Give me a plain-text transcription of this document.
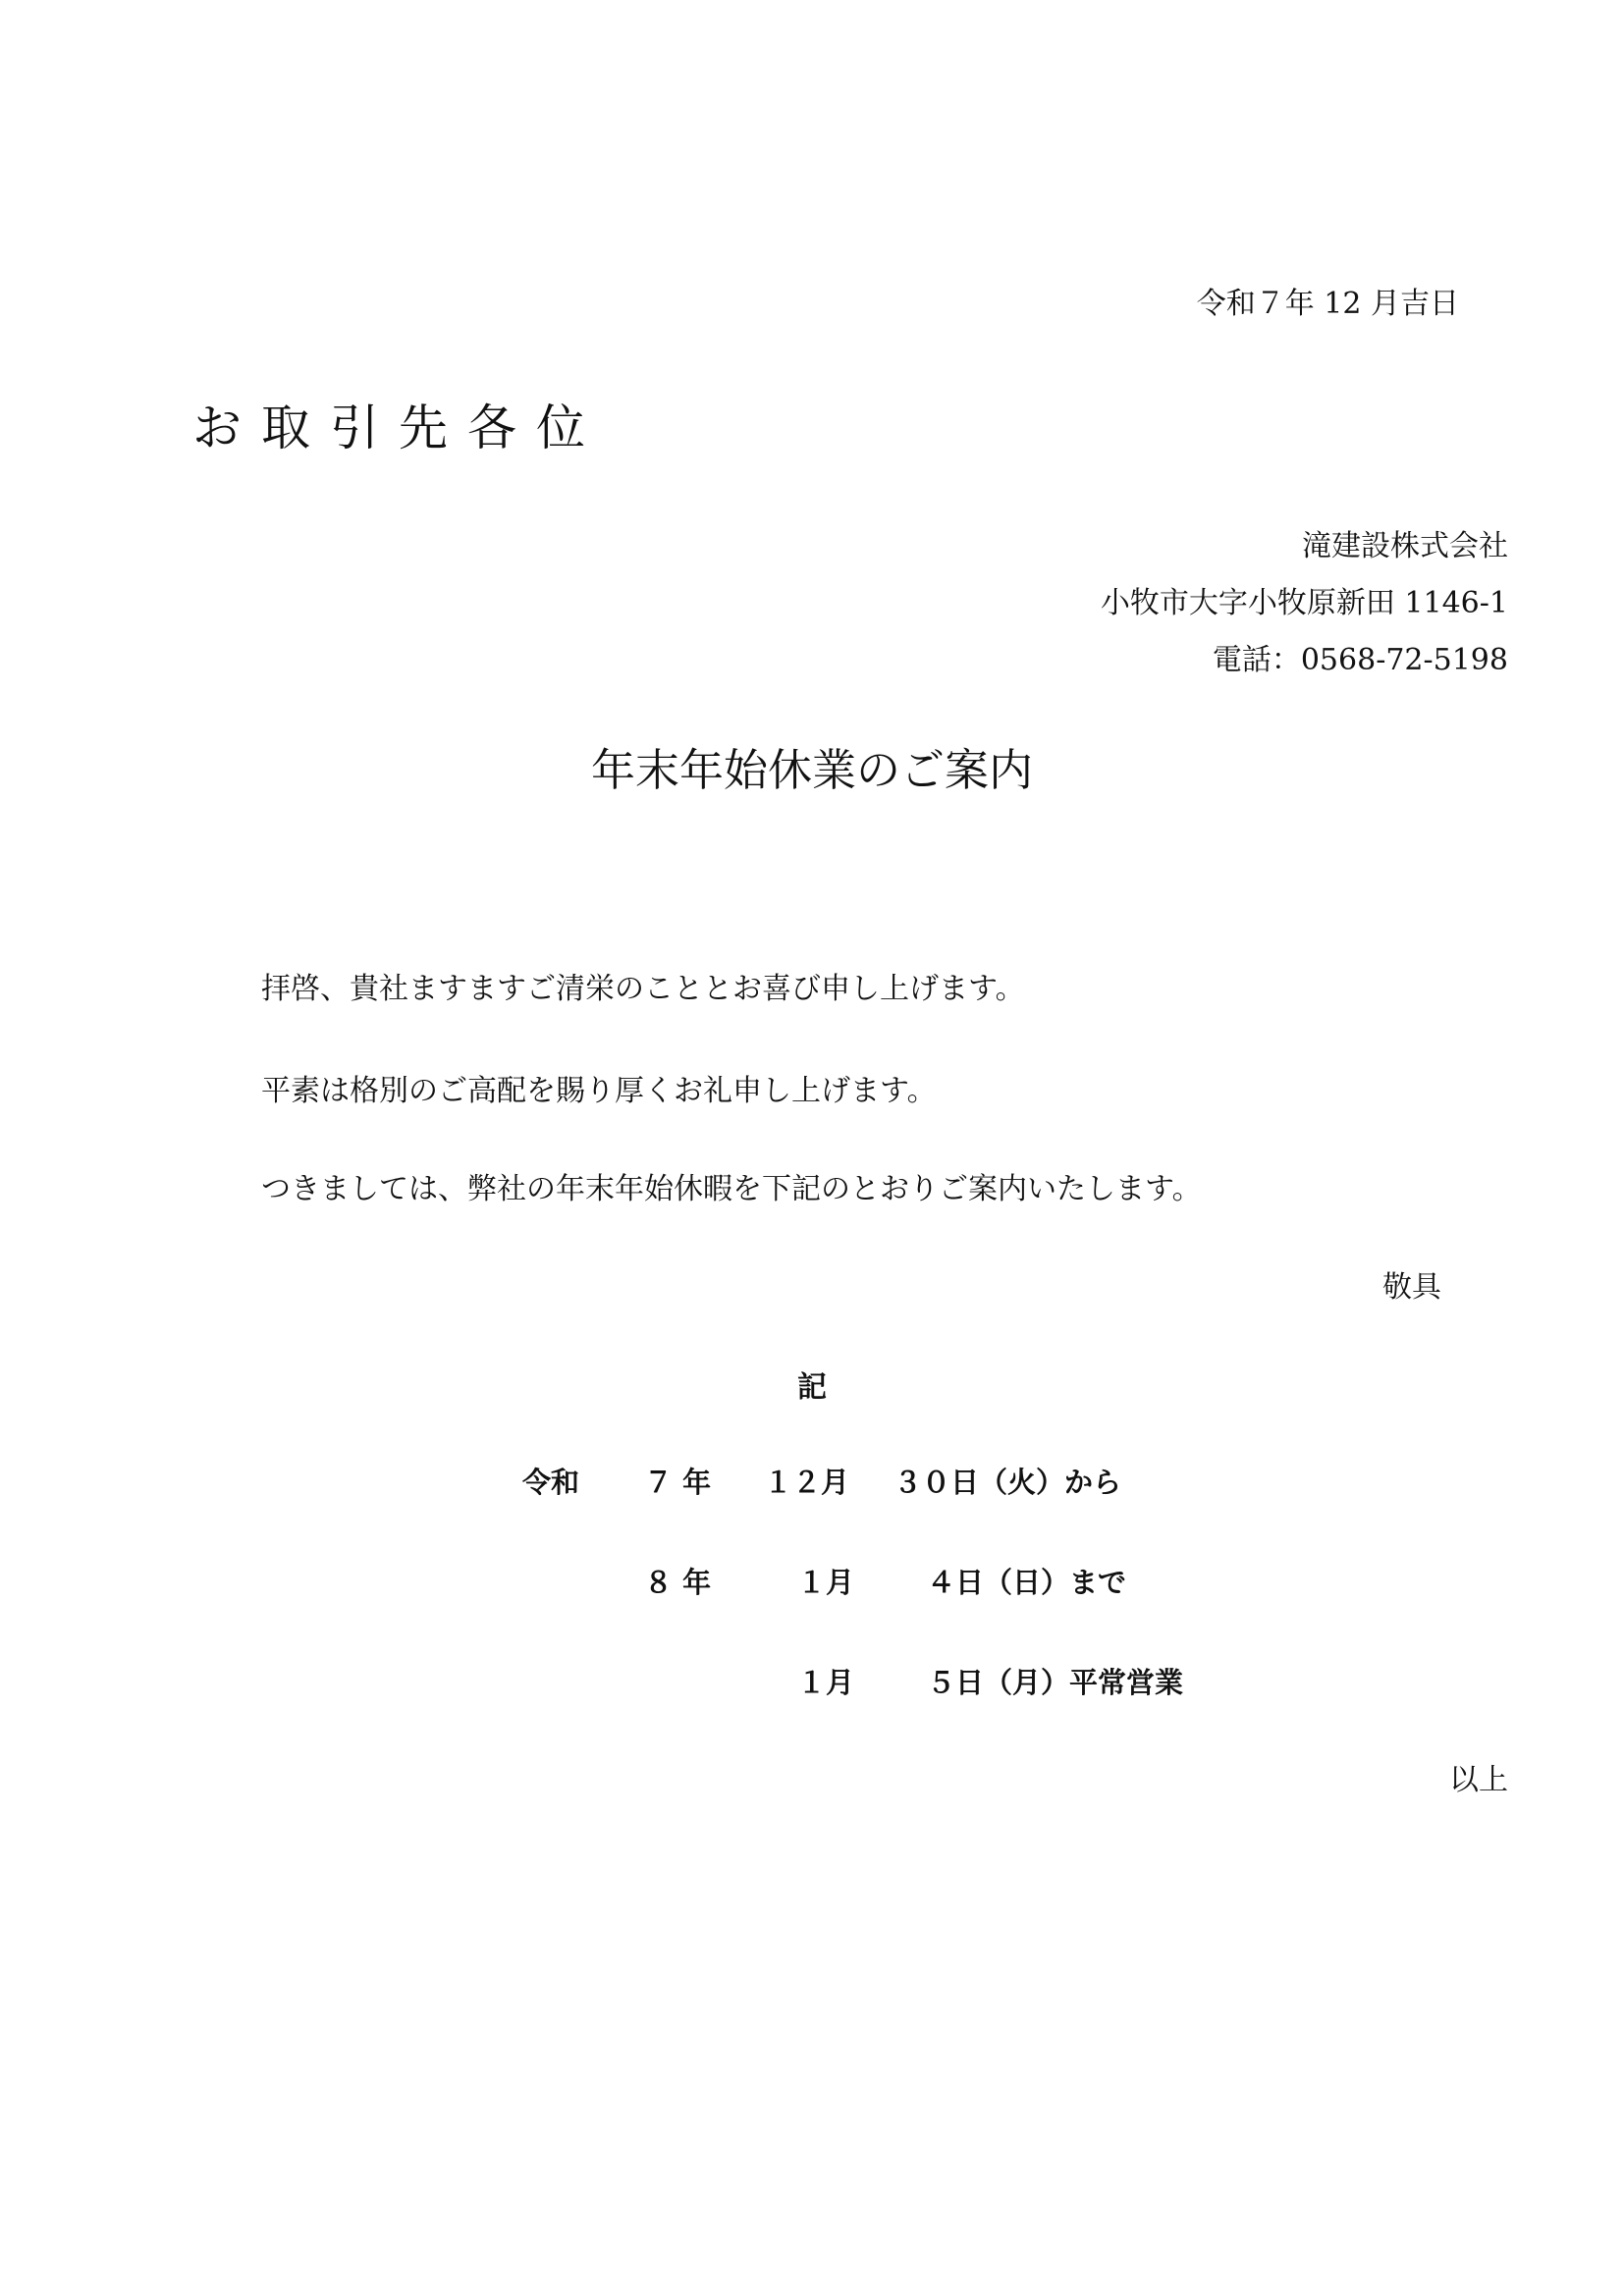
令和７年 12 月吉日
お取引先各位
滝建設株式会社
小牧市大字小牧原新田 1146-1
電話：0568-72-5198
年末年始休業のご案内
拝啓、貴社ますますご清栄のこととお喜び申し上げます。
平素は格別のご高配を賜り厚くお礼申し上げます。
つきましては、弊社の年末年始休暇を下記のとおりご案内いたします。
敬具
記
令和 ７ 年 １２月 ３０日（火）から
８ 年	１月	４日（日）まで
１月	５日（月）平常営業
以上
